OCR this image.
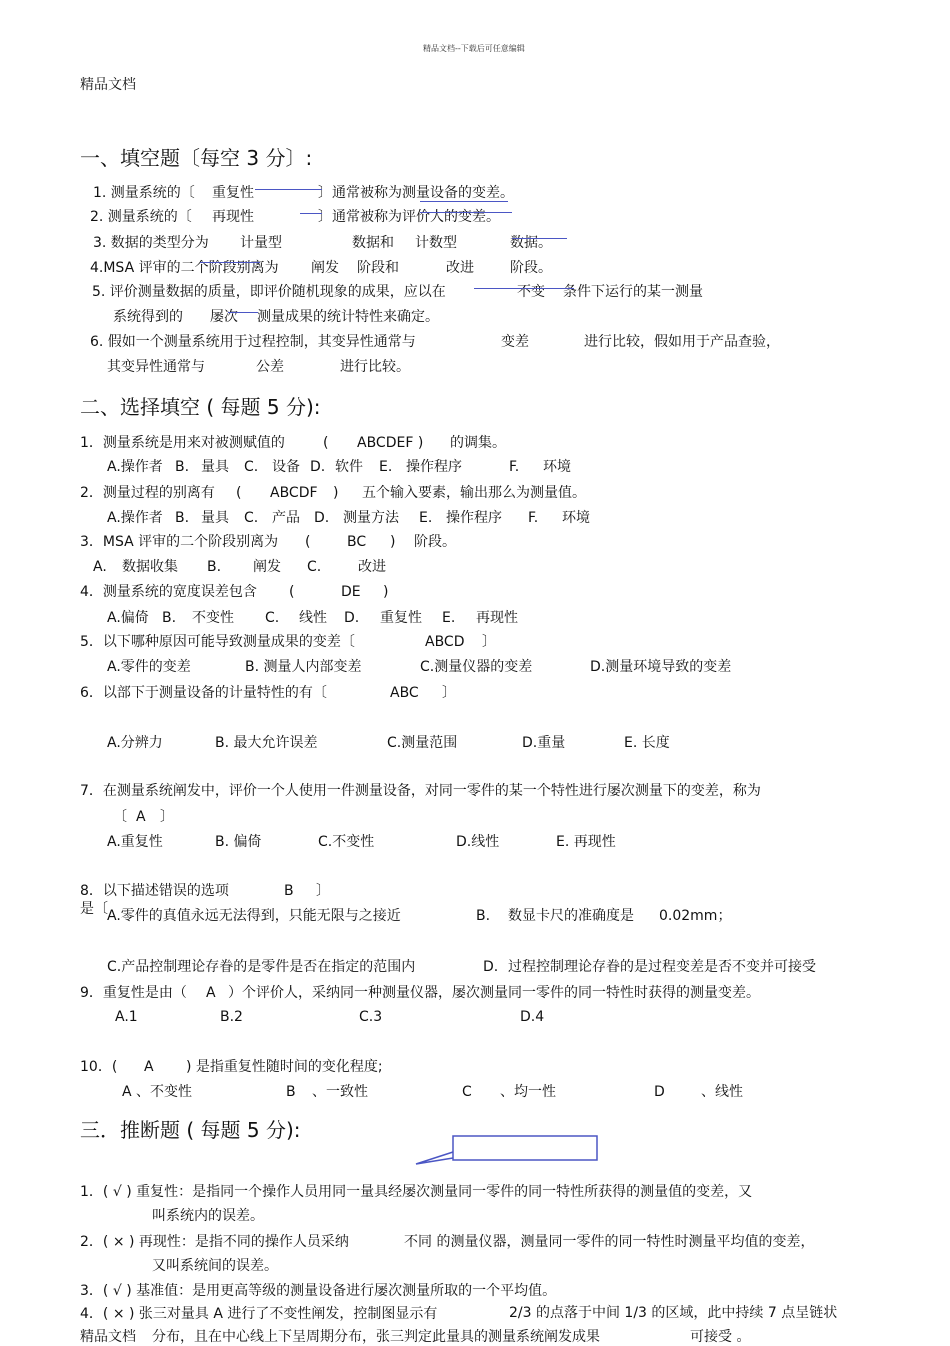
精品文档--下载后可任意编辑
精品文档
一、填空题〔每空 3 分〕:
1. 测量系统的〔 重复性	〕通常被称为测量设备的变差。
2. 测量系统的〔 再现性	〕通常被称为评价人的变差。
3. 数据的类型分为 计量型	数据和 计数型	数据。
4.MSA 评审的二个阶段别离为 阐发 阶段和	改进	阶段。
5. 评价测量数据的质量，即评价随机现象的成果，应以在	不变 条件下运行的某一测量
系统得到的 屡次 测量成果的统计特性来确定。
6. 假如一个测量系统用于过程控制，其变异性通常与	变差	进行比较，假如用于产品查验，
其变异性通常与	公差	进行比较。
二、选择填空 ( 每题 5 分):
1．测量系统是用来对被测赋值的	( ABCDEF ) 的调集。
A.操作者 B. 量具 C. 设备 D. 软件 E. 操作程序	F. 环境
2．测量过程的别离有 ( ABCDF ) 五个输入要素，输出那么为测量值。
A.操作者 B. 量具 C. 产品 D. 测量方法 E. 操作程序 F. 环境
3．MSA 评审的二个阶段别离为 (	BC ) 阶段。
A. 数据收集 B. 阐发 C.	改进
4．测量系统的宽度误差包含 (	DE )
A.偏倚 B. 不变性 C. 线性 D. 重复性 E. 再现性
5．以下哪种原因可能导致测量成果的变差〔	ABCD 〕
A.零件的变差	B. 测量人内部变差	C.测量仪器的变差	D.测量环境导致的变差
6．以部下于测量设备的计量特性的有〔	ABC 〕
A.分辨力	B. 最大允许误差	C.测量范围	D.重量	E. 长度
7．在测量系统阐发中，评价一个人使用一件测量设备，对同一零件的某一个特性进行屡次测量下的变差，称为
〔 A 〕
A.重复性	B. 偏倚	C.不变性	D.线性	E. 再现性
8．以下描述错误的选项	B 〕
是〔 A.零件的真值永远无法得到，只能无限与之接近	B. 数显卡尺的准确度是 0.02mm；
C.产品控制理论存眷的是零件是否在指定的范围内	D. 过程控制理论存眷的是过程变差是否不变并可接受
9．重复性是由（ A ）个评价人，采纳同一种测量仪器，屡次测量同一零件的同一特性时获得的测量变差。
A.1	B.2	C.3	D.4
10．( A ) 是指重复性随时间的变化程度;
A 、不变性	B 、一致性	C 、均一性	D	、线性
三．推断题 ( 每题 5 分):
1．( √ ) 重复性：是指同一个操作人员用同一量具经屡次测量同一零件的同一特性所获得的测量值的变差，又
叫系统内的误差。
2．( × ) 再现性：是指不同的操作人员采纳	不同 的测量仪器，测量同一零件的同一特性时测量平均值的变差，
又叫系统间的误差。
3．( √ ) 基准值：是用更高等级的测量设备进行屡次测量所取的一个平均值。
4．( × ) 张三对量具 A 进行了不变性阐发，控制图显示有	2/3 的点落于中间 1/3 的区域，此中持续 7 点呈链状
分布，且在中心线上下呈周期分布，张三判定此量具的测量系统阐发成果	可接受 。
精品文档
